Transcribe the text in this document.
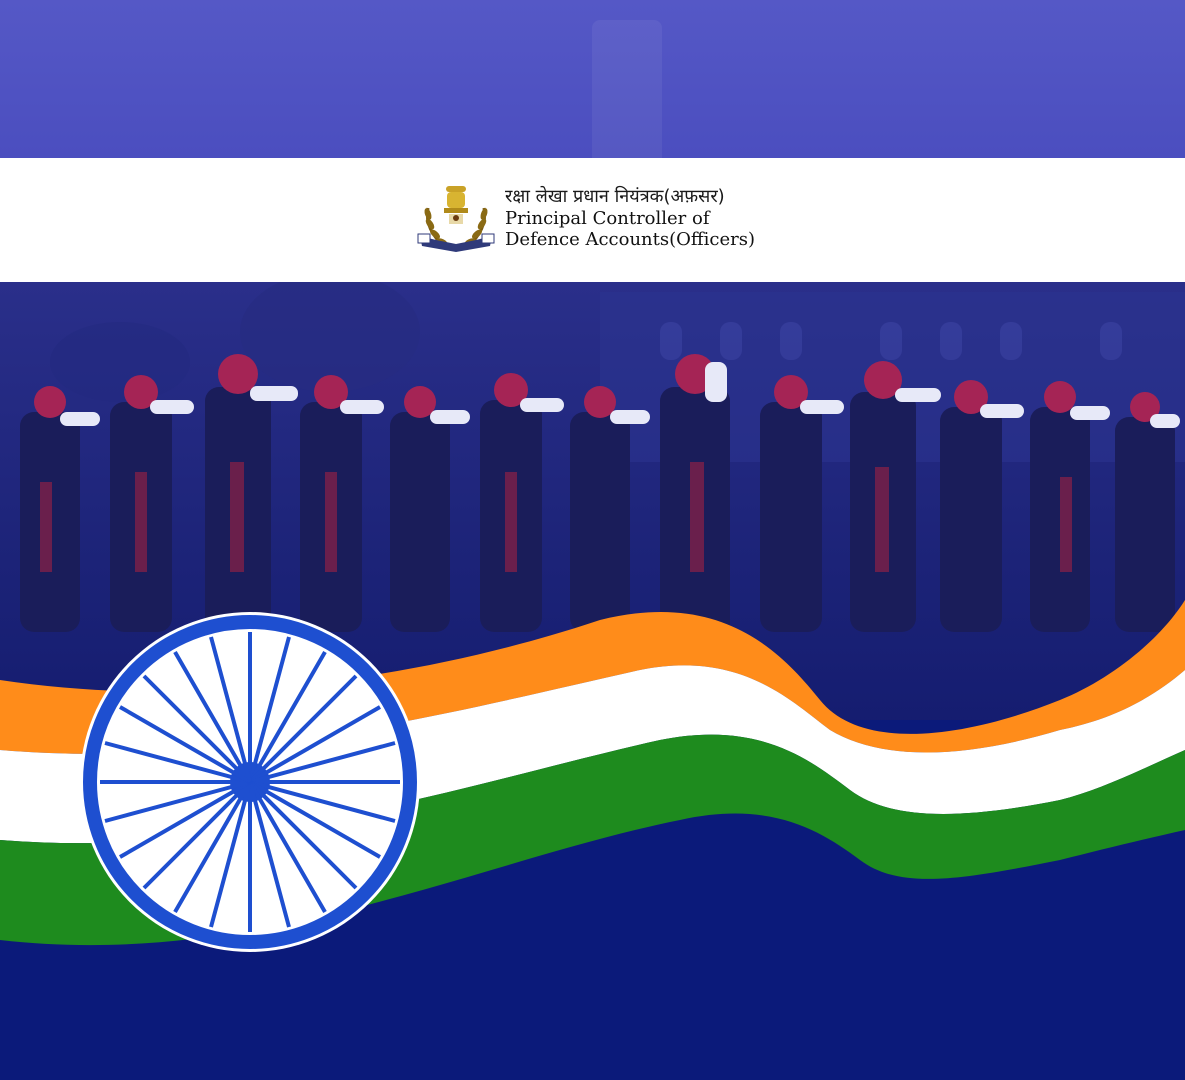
रक्षा लेखा प्रधान नियंत्रक(अफ़सर)
Principal Controller of
Defence Accounts(Officers)
